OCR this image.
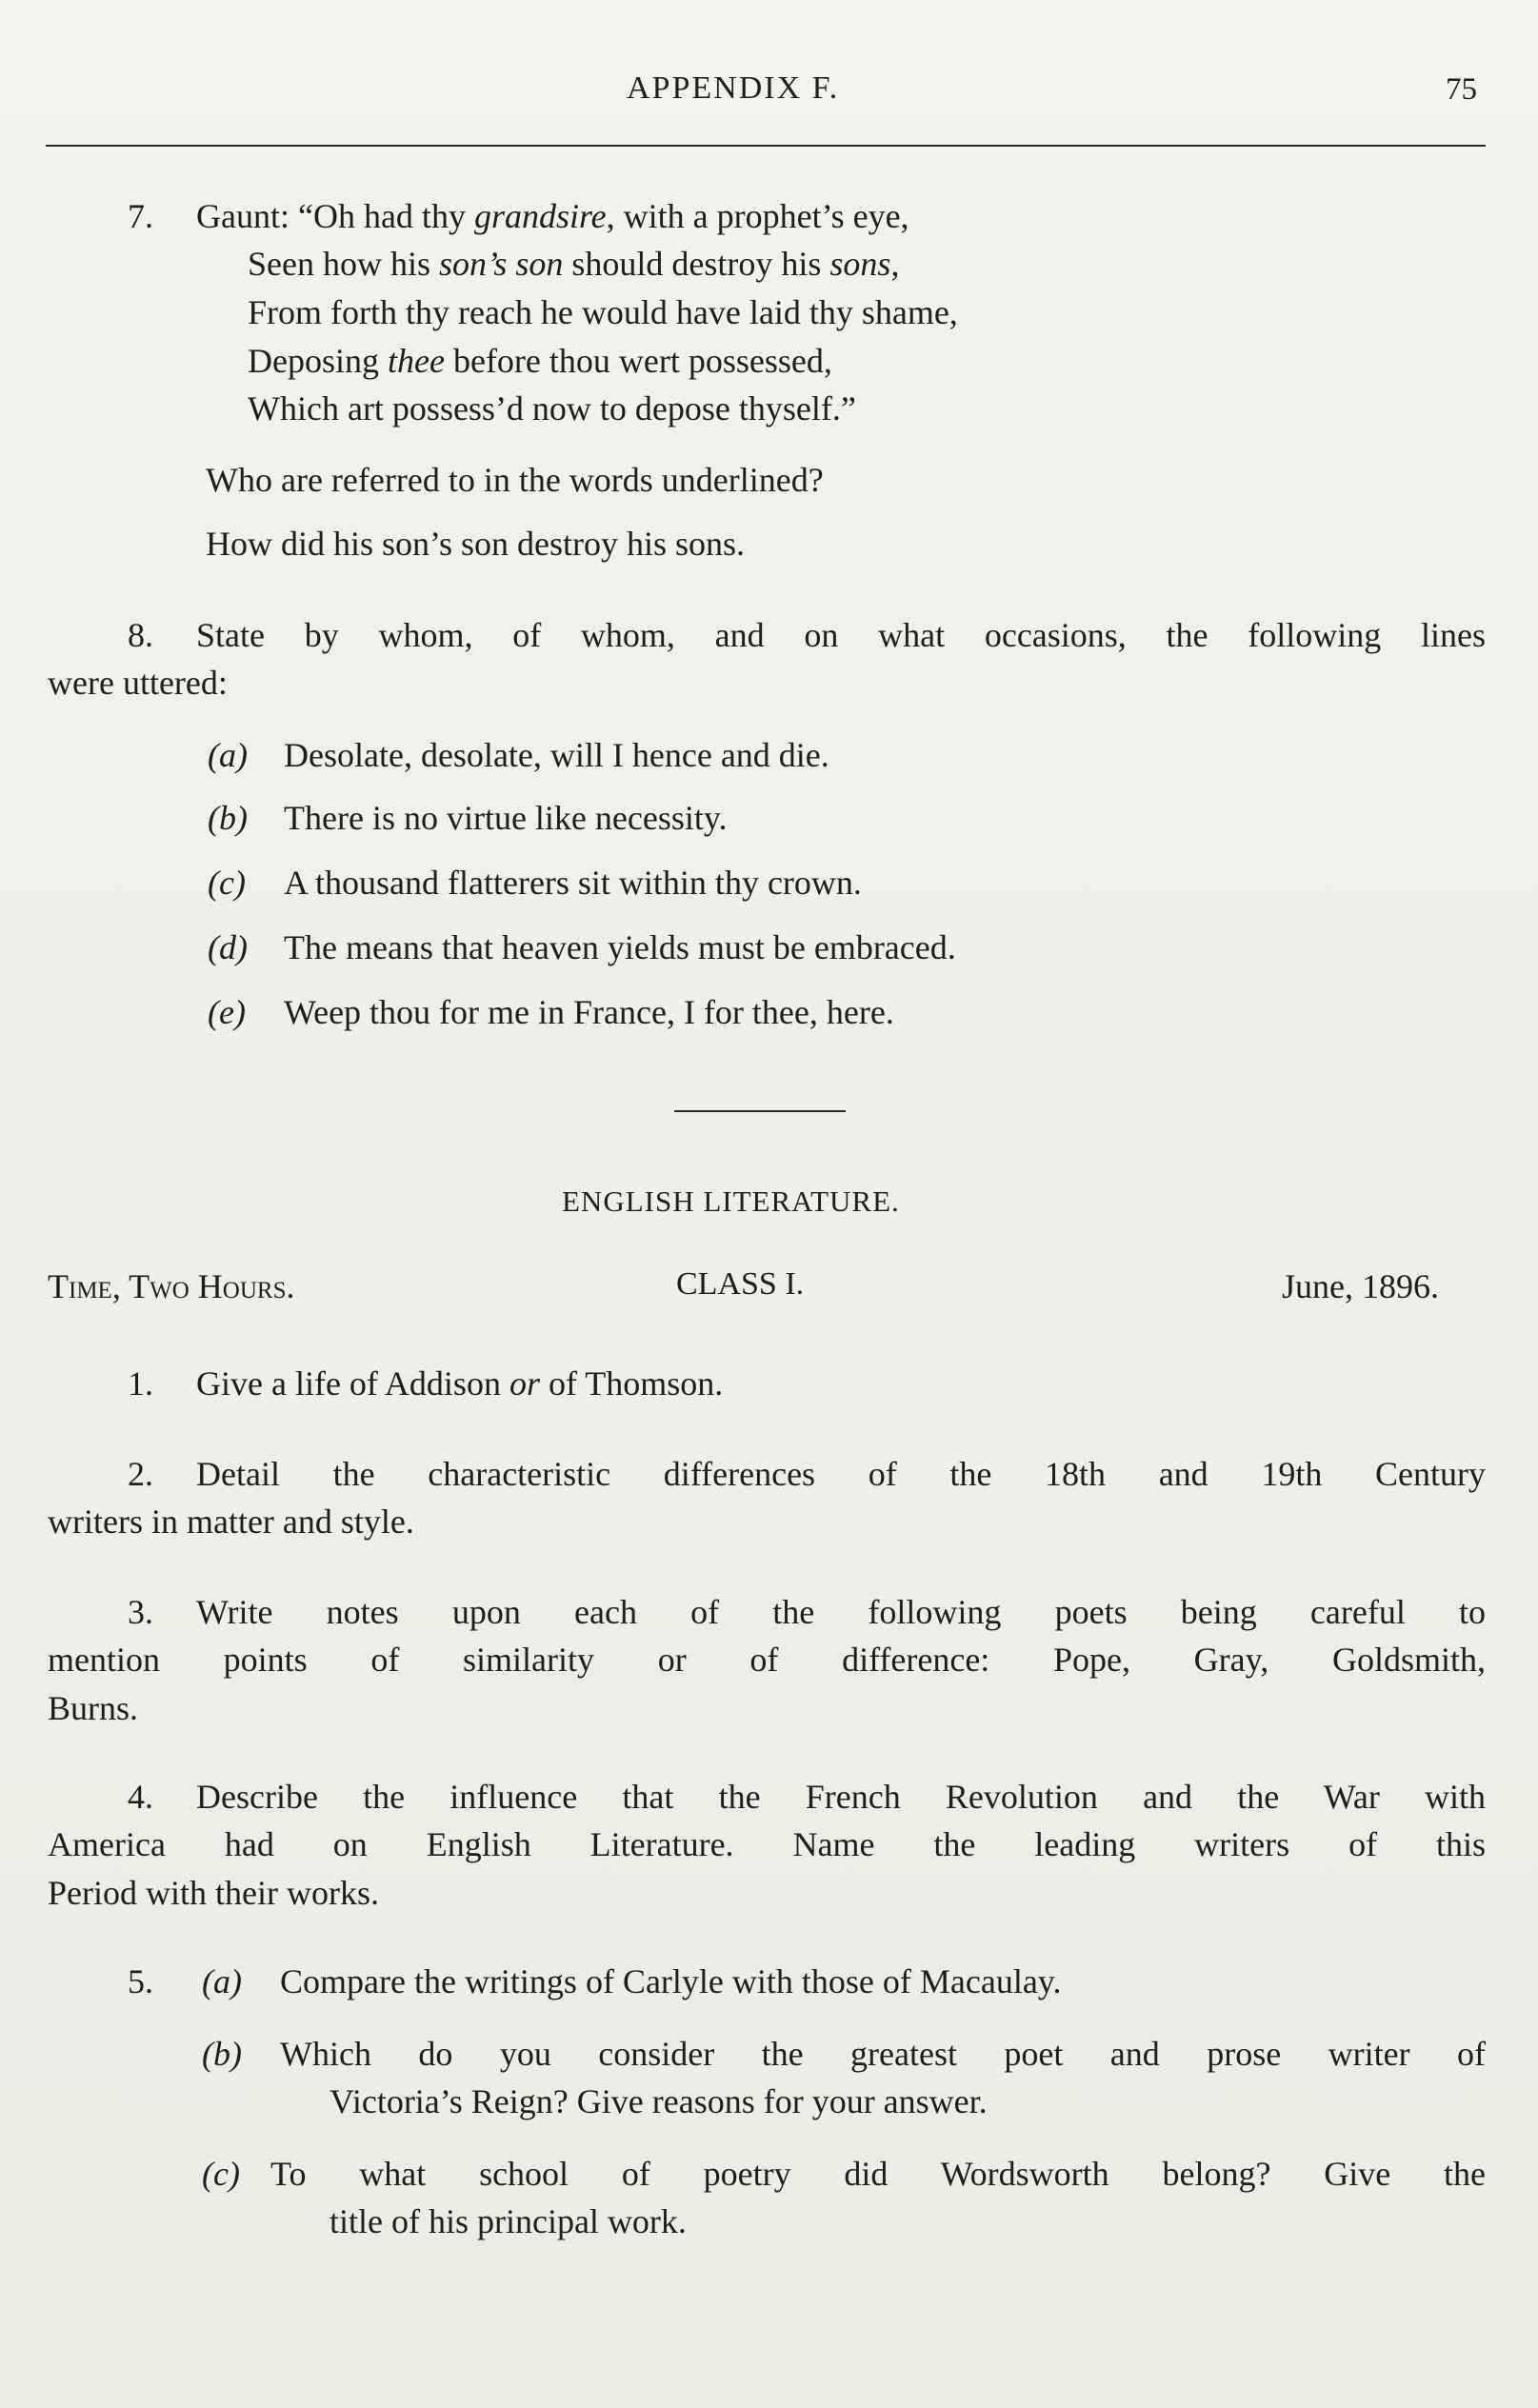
APPENDIX F.	75
7. Gaunt: “Oh had thy grandsire, with a prophet’s eye,
Seen how his son’s son should destroy his sons,
From forth thy reach he would have laid thy shame,
Deposing thee before thou wert possessed,
Which art possess’d now to depose thyself.”
Who are referred to in the words underlined?
How did his son’s son destroy his sons.
8. State by whom, of whom, and on what occasions, the following lines
were uttered:
(a) Desolate, desolate, will I hence and die.
(b) There is no virtue like necessity.
(c) A thousand flatterers sit within thy crown.
(d) The means that heaven yields must be embraced.
(e) Weep thou for me in France, I for thee, here.
ENGLISH LITERATURE.
Time, Two Hours.	CLASS I.	June, 1896.
1. Give a life of Addison or of Thomson.
2. Detail the characteristic differences of the 18th and 19th Century
writers in matter and style.
3. Write notes upon each of the following poets being careful to
mention points of similarity or of difference: Pope, Gray, Goldsmith,
Burns.
4. Describe the influence that the French Revolution and the War with
America had on English Literature. Name the leading writers of this
Period with their works.
5. (a) Compare the writings of Carlyle with those of Macaulay.
(b) Which do you consider the greatest poet and prose writer of
Victoria’s Reign? Give reasons for your answer.
(c) To what school of poetry did Wordsworth belong? Give the
title of his principal work.
